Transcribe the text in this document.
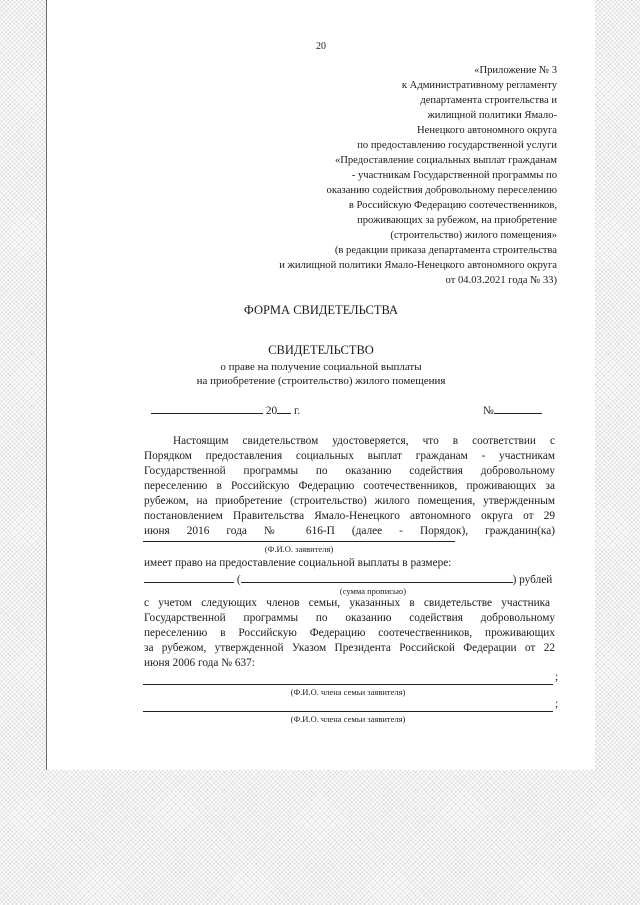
20
«Приложение № 3
к Административному регламенту
департамента строительства и
жилищной политики Ямало-
Ненецкого автономного округа
по предоставлению государственной услуги
«Предоставление социальных выплат гражданам
- участникам Государственной программы по
оказанию содействия добровольному переселению
в Российскую Федерацию соотечественников,
проживающих за рубежом, на приобретение
(строительство) жилого помещения»
(в редакции приказа департамента строительства
и жилищной политики Ямало-Ненецкого автономного округа
от 04.03.2021 года № 33)
ФОРМА СВИДЕТЕЛЬСТВА
СВИДЕТЕЛЬСТВО
о праве на получение социальной выплаты
на приобретение (строительство) жилого помещения
20 г.	№
Настоящим свидетельством удостоверяется, что в соответствии с
Порядком предоставления социальных выплат гражданам - участникам
Государственной программы по оказанию содействия добровольному
переселению в Российскую Федерацию соотечественников, проживающих за
рубежом, на приобретение (строительство) жилого помещения, утвержденным
постановлением Правительства Ямало-Ненецкого автономного округа от 29
июня 2016 года № 616-П (далее - Порядок), гражданин(ка)
(Ф.И.О. заявителя)
имеет право на предоставление социальной выплаты в размере:
(	) рублей
(сумма прописью)
с учетом следующих членов семьи, указанных в свидетельстве участника
Государственной программы по оказанию содействия добровольному
переселению в Российскую Федерацию соотечественников, проживающих
за рубежом, утвержденной Указом Президента Российской Федерации от 22
июня 2006 года № 637:
;
(Ф.И.О. члена семьи заявителя)
;
(Ф.И.О. члена семьи заявителя)
